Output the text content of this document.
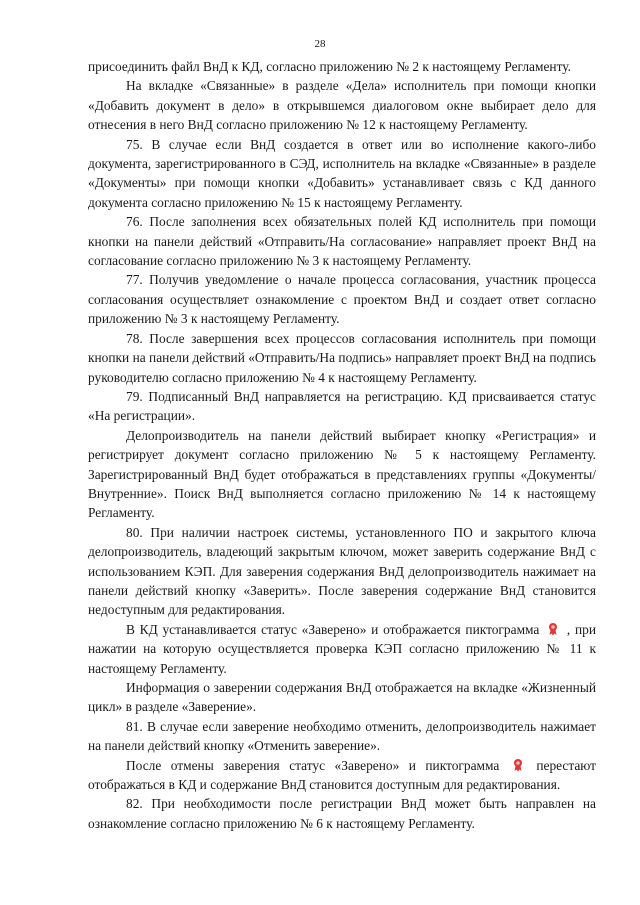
28

присоединить файл ВнД к КД, согласно приложению № 2 к настоящему Регламенту.

На вкладке «Связанные» в разделе «Дела» исполнитель при помощи кнопки «Добавить документ в дело» в открывшемся диалоговом окне выбирает дело для отнесения в него ВнД согласно приложению № 12 к настоящему Регламенту.

75. В случае если ВнД создается в ответ или во исполнение какого-либо документа, зарегистрированного в СЭД, исполнитель на вкладке «Связанные» в разделе «Документы» при помощи кнопки «Добавить» устанавливает связь с КД данного документа согласно приложению № 15 к настоящему Регламенту.

76. После заполнения всех обязательных полей КД исполнитель при помощи кнопки на панели действий «Отправить/На согласование» направляет проект ВнД на согласование согласно приложению № 3 к настоящему Регламенту.

77. Получив уведомление о начале процесса согласования, участник процесса согласования осуществляет ознакомление с проектом ВнД и создает ответ согласно приложению № 3 к настоящему Регламенту.

78. После завершения всех процессов согласования исполнитель при помощи кнопки на панели действий «Отправить/На подпись» направляет проект ВнД на подпись руководителю согласно приложению № 4 к настоящему Регламенту.

79. Подписанный ВнД направляется на регистрацию. КД присваивается статус «На регистрации».

Делопроизводитель на панели действий выбирает кнопку «Регистрация» и регистрирует документ согласно приложению № 5 к настоящему Регламенту. Зарегистрированный ВнД будет отображаться в представлениях группы «Документы/Внутренние». Поиск ВнД выполняется согласно приложению № 14 к настоящему Регламенту.

80. При наличии настроек системы, установленного ПО и закрытого ключа делопроизводитель, владеющий закрытым ключом, может заверить содержание ВнД с использованием КЭП. Для заверения содержания ВнД делопроизводитель нажимает на панели действий кнопку «Заверить». После заверения содержание ВнД становится недоступным для редактирования.

В КД устанавливается статус «Заверено» и отображается пиктограмма , при нажатии на которую осуществляется проверка КЭП согласно приложению № 11 к настоящему Регламенту.

Информация о заверении содержания ВнД отображается на вкладке «Жизненный цикл» в разделе «Заверение».

81. В случае если заверение необходимо отменить, делопроизводитель нажимает на панели действий кнопку «Отменить заверение».

После отмены заверения статус «Заверено» и пиктограмма	перестают отображаться в КД и содержание ВнД становится доступным для редактирования.

82. При необходимости после регистрации ВнД может быть направлен на ознакомление согласно приложению № 6 к настоящему Регламенту.
